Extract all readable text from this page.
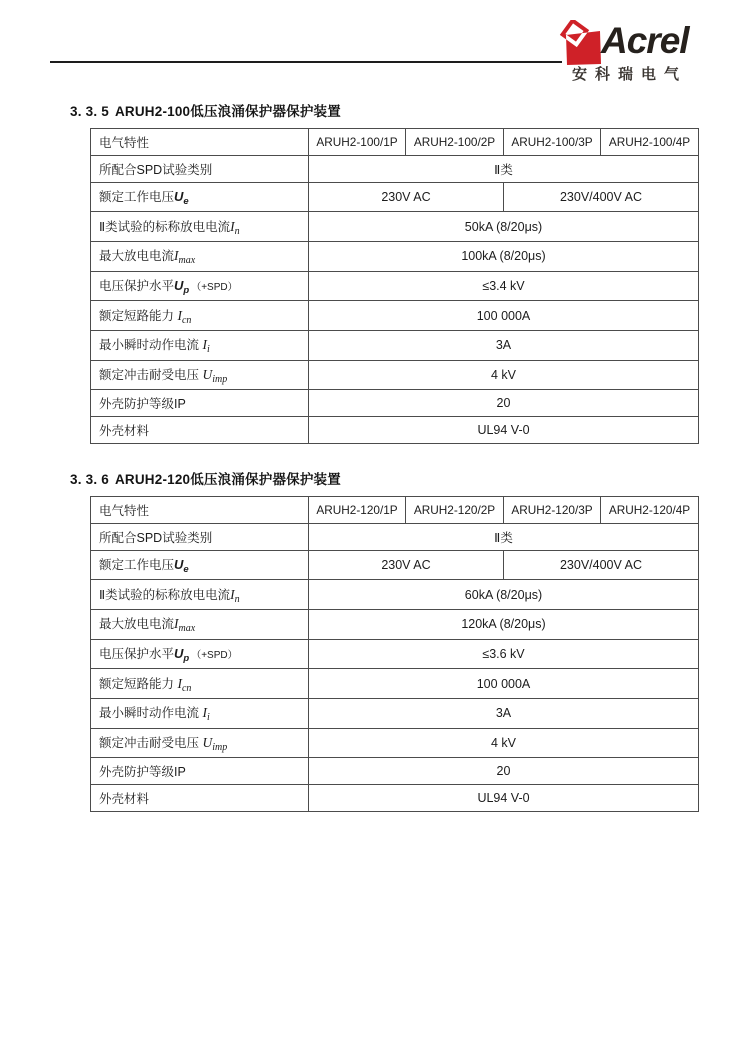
Acrel
安科瑞电气
3. 3. 5 ARUH2-100低压浪涌保护器保护装置
电气特性	ARUH2-100/1P	ARUH2-100/2P	ARUH2-100/3P	ARUH2-100/4P
所配合SPD试验类别	Ⅱ类			
额定工作电压$U_e$	230V AC		230V/400V AC	
Ⅱ类试验的标称放电电流$I_n$	50kA (8/20μs)			
最大放电电流$I_{max}$	100kA (8/20μs)			
电压保护水平$U_p$ （+SPD）	≤3.4 kV			
额定短路能力 $I_{cn}$	100 000A			
最小瞬时动作电流 $I_i$	3A			
额定冲击耐受电压 $U_{imp}$	4 kV			
外壳防护等级IP	20			
外壳材料	UL94 V-0			
3. 3. 6 ARUH2-120低压浪涌保护器保护装置
电气特性	ARUH2-120/1P	ARUH2-120/2P	ARUH2-120/3P	ARUH2-120/4P
所配合SPD试验类别	Ⅱ类			
额定工作电压$U_e$	230V AC		230V/400V AC	
Ⅱ类试验的标称放电电流$I_n$	60kA (8/20μs)			
最大放电电流$I_{max}$	120kA (8/20μs)			
电压保护水平$U_p$ （+SPD）	≤3.6 kV			
额定短路能力 $I_{cn}$	100 000A			
最小瞬时动作电流 $I_i$	3A			
额定冲击耐受电压 $U_{imp}$	4 kV			
外壳防护等级IP	20			
外壳材料	UL94 V-0			
